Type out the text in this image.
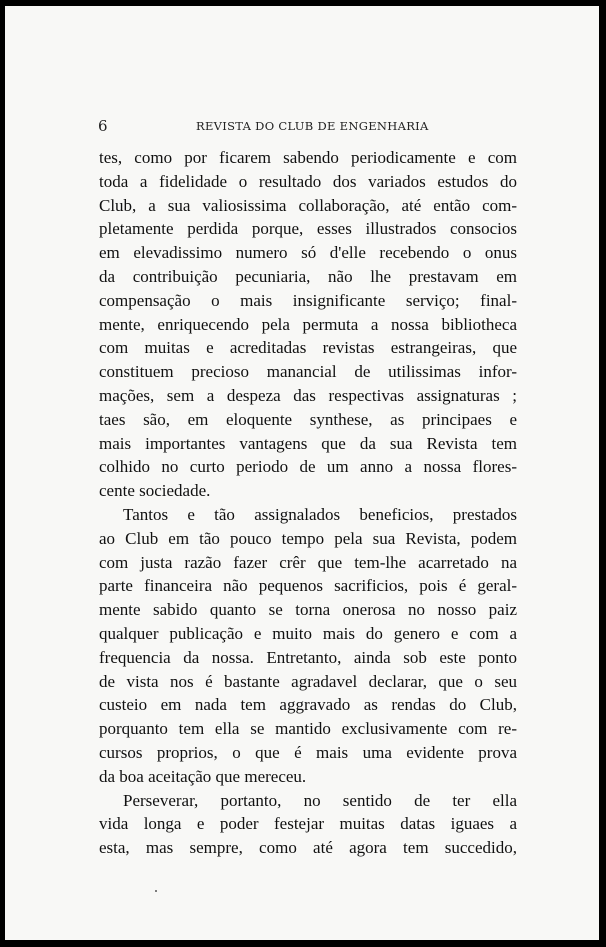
6	REVISTA DO CLUB DE ENGENHARIA
tes, como por ficarem sabendo periodicamente e com
toda a fidelidade o resultado dos variados estudos do
Club, a sua valiosissima collaboração, até então com-
pletamente perdida porque, esses illustrados consocios
em elevadissimo numero só d'elle recebendo o onus
da contribuição pecuniaria, não lhe prestavam em
compensação o mais insignificante serviço; final-
mente, enriquecendo pela permuta a nossa bibliotheca
com muitas e acreditadas revistas estrangeiras, que
constituem precioso manancial de utilissimas infor-
mações, sem a despeza das respectivas assignaturas ;
taes são, em eloquente synthese, as principaes e
mais importantes vantagens que da sua Revista tem
colhido no curto periodo de um anno a nossa flores-
cente sociedade.
Tantos e tão assignalados beneficios, prestados
ao Club em tão pouco tempo pela sua Revista, podem
com justa razão fazer crêr que tem-lhe acarretado na
parte financeira não pequenos sacrificios, pois é geral-
mente sabido quanto se torna onerosa no nosso paiz
qualquer publicação e muito mais do genero e com a
frequencia da nossa. Entretanto, ainda sob este ponto
de vista nos é bastante agradavel declarar, que o seu
custeio em nada tem aggravado as rendas do Club,
porquanto tem ella se mantido exclusivamente com re-
cursos proprios, o que é mais uma evidente prova
da boa aceitação que mereceu.
Perseverar, portanto, no sentido de ter ella
vida longa e poder festejar muitas datas iguaes a
esta, mas sempre, como até agora tem succedido,
